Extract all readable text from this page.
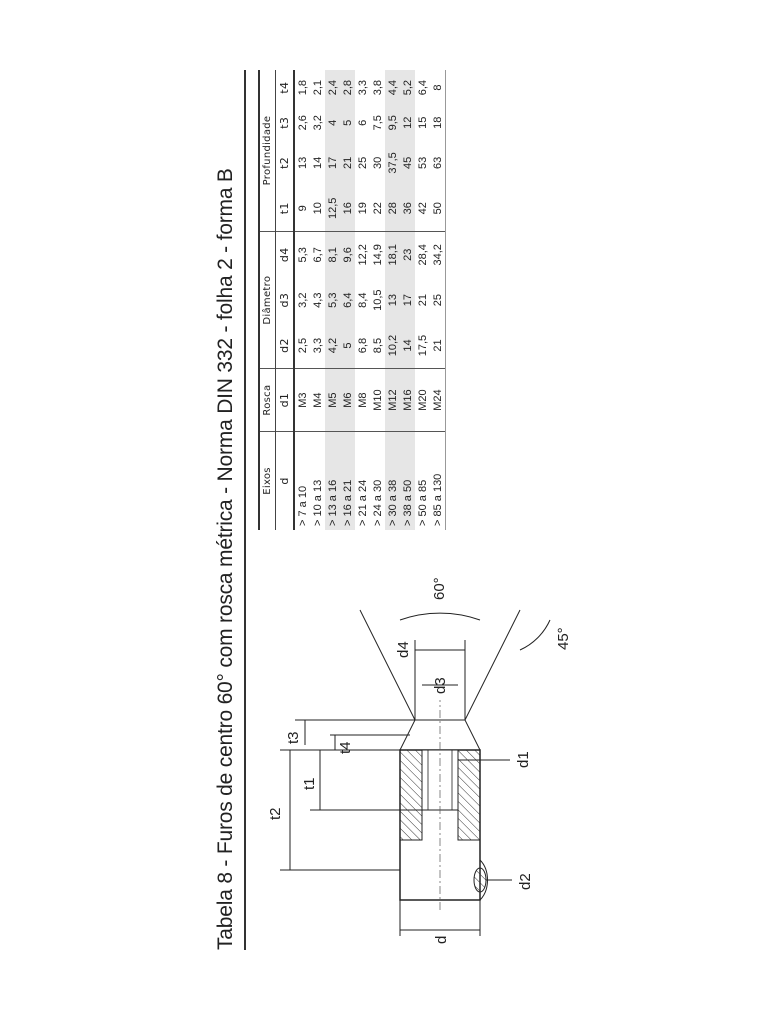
Tabela 8 - Furos de centro 60° com rosca métrica - Norma DIN 332 - folha 2 - forma B	d
t2
t1
t3
t4
d3
d4
60°
45°
d1
d2
Eixos	Rosca	Diâmetro			Profundidade			
d	d1	d2	d3	d4	t1	t2	t3	t4
> 7 a 10	M3	2,5	3,2	5,3	9	13	2,6	1,8
> 10 a 13	M4	3,3	4,3	6,7	10	14	3,2	2,1
> 13 a 16	M5	4,2	5,3	8,1	12,5	17	4	2,4
> 16 a 21	M6	5	6,4	9,6	16	21	5	2,8
> 21 a 24	M8	6,8	8,4	12,2	19	25	6	3,3
> 24 a 30	M10	8,5	10,5	14,9	22	30	7,5	3,8
> 30 a 38	M12	10,2	13	18,1	28	37,5	9,5	4,4
> 38 a 50	M16	14	17	23	36	45	12	5,2
> 50 a 85	M20	17,5	21	28,4	42	53	15	6,4
> 85 a 130	M24	21	25	34,2	50	63	18	8
